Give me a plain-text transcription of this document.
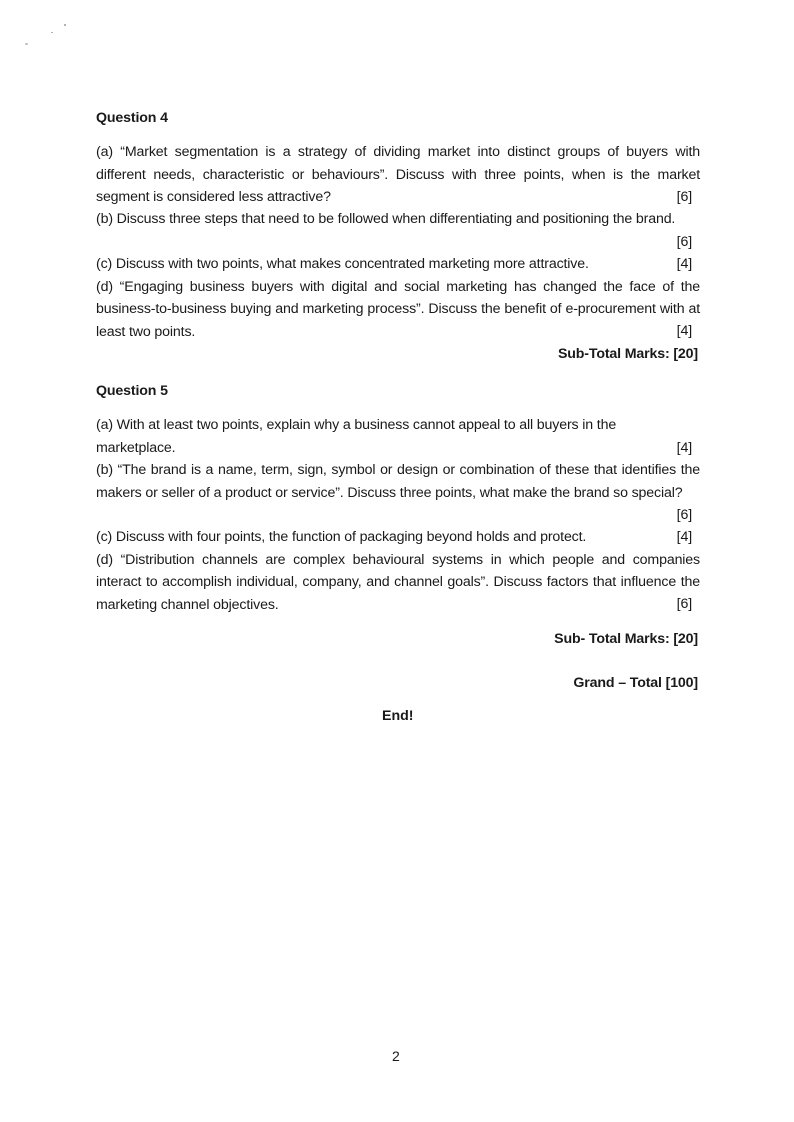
Question 4
(a) “Market segmentation is a strategy of dividing market into distinct groups of buyers with different needs, characteristic or behaviours”. Discuss with three points, when is the market segment is considered less attractive?	[6]
(b) Discuss three steps that need to be followed when differentiating and positioning the brand.
[6]
(c) Discuss with two points, what makes concentrated marketing more attractive.	[4]
(d) “Engaging business buyers with digital and social marketing has changed the face of the business-to-business buying and marketing process”. Discuss the benefit of e-procurement with at least two points.	[4]
Sub-Total Marks: [20]
Question 5
(a) With at least two points, explain why a business cannot appeal to all buyers in the marketplace.	[4]
(b) “The brand is a name, term, sign, symbol or design or combination of these that identifies the makers or seller of a product or service”. Discuss three points, what make the brand so special?
[6]
(c) Discuss with four points, the function of packaging beyond holds and protect.	[4]
(d) “Distribution channels are complex behavioural systems in which people and companies interact to accomplish individual, company, and channel goals”. Discuss factors that influence the marketing channel objectives.	[6]
Sub- Total Marks: [20]
Grand – Total [100]
End!
2
